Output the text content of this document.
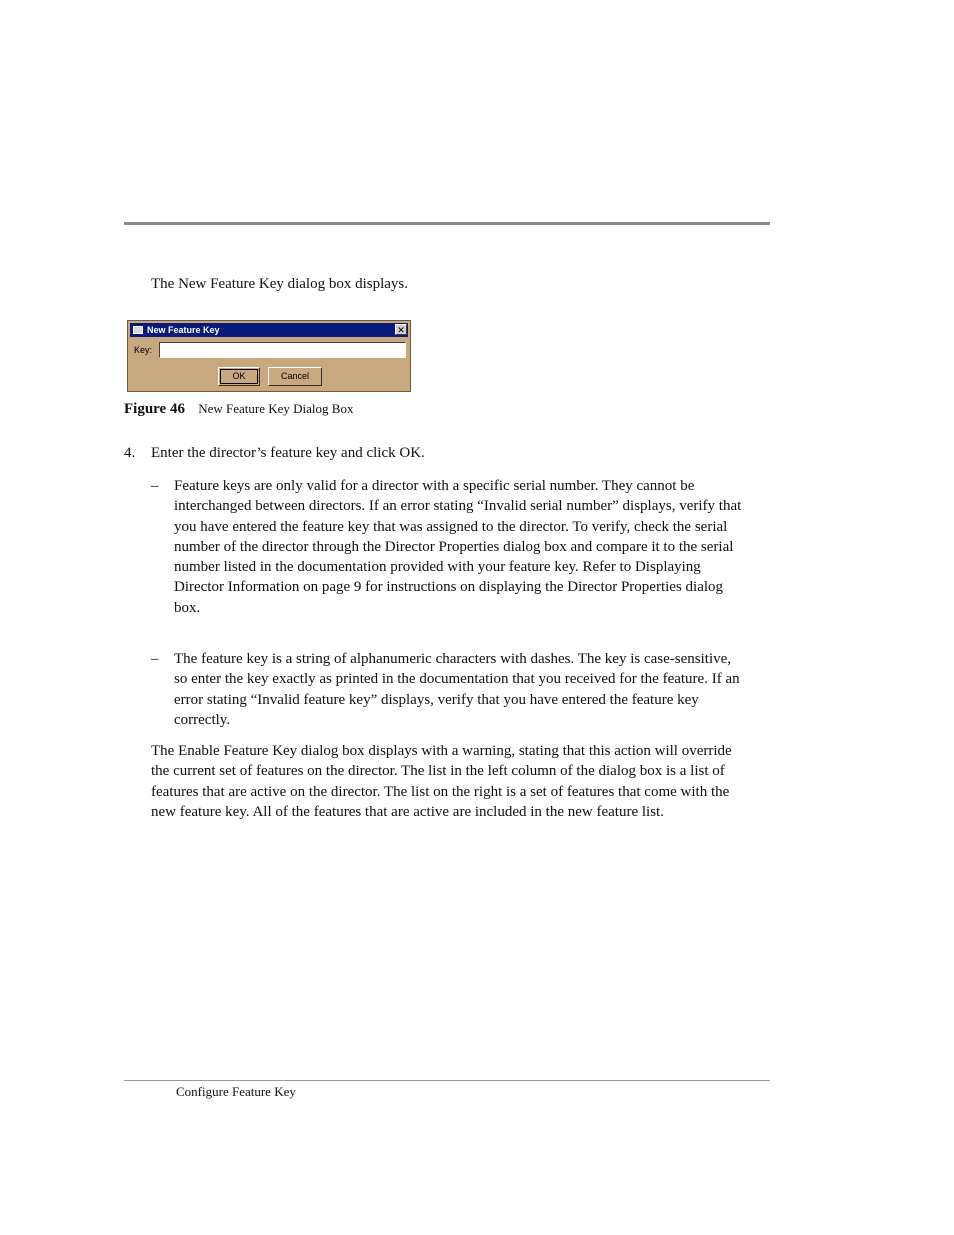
The New Feature Key dialog box displays.
New Feature Key	✕
Key:
OK	Cancel
Figure 46 New Feature Key Dialog Box
4. Enter the director’s feature key and click OK.
– Feature keys are only valid for a director with a specific serial number. They cannot be interchanged between directors. If an error stating “Invalid serial number” displays, verify that you have entered the feature key that was assigned to the director. To verify, check the serial number of the director through the Director Properties dialog box and compare it to the serial number listed in the documentation provided with your feature key. Refer to Displaying Director Information on page 9 for instructions on displaying the Director Properties dialog box.
– The feature key is a string of alphanumeric characters with dashes. The key is case-sensitive, so enter the key exactly as printed in the documentation that you received for the feature. If an error stating “Invalid feature key” displays, verify that you have entered the feature key correctly.
The Enable Feature Key dialog box displays with a warning, stating that this action will override the current set of features on the director. The list in the left column of the dialog box is a list of features that are active on the director. The list on the right is a set of features that come with the new feature key. All of the features that are active are included in the new feature list.
Configure Feature Key
